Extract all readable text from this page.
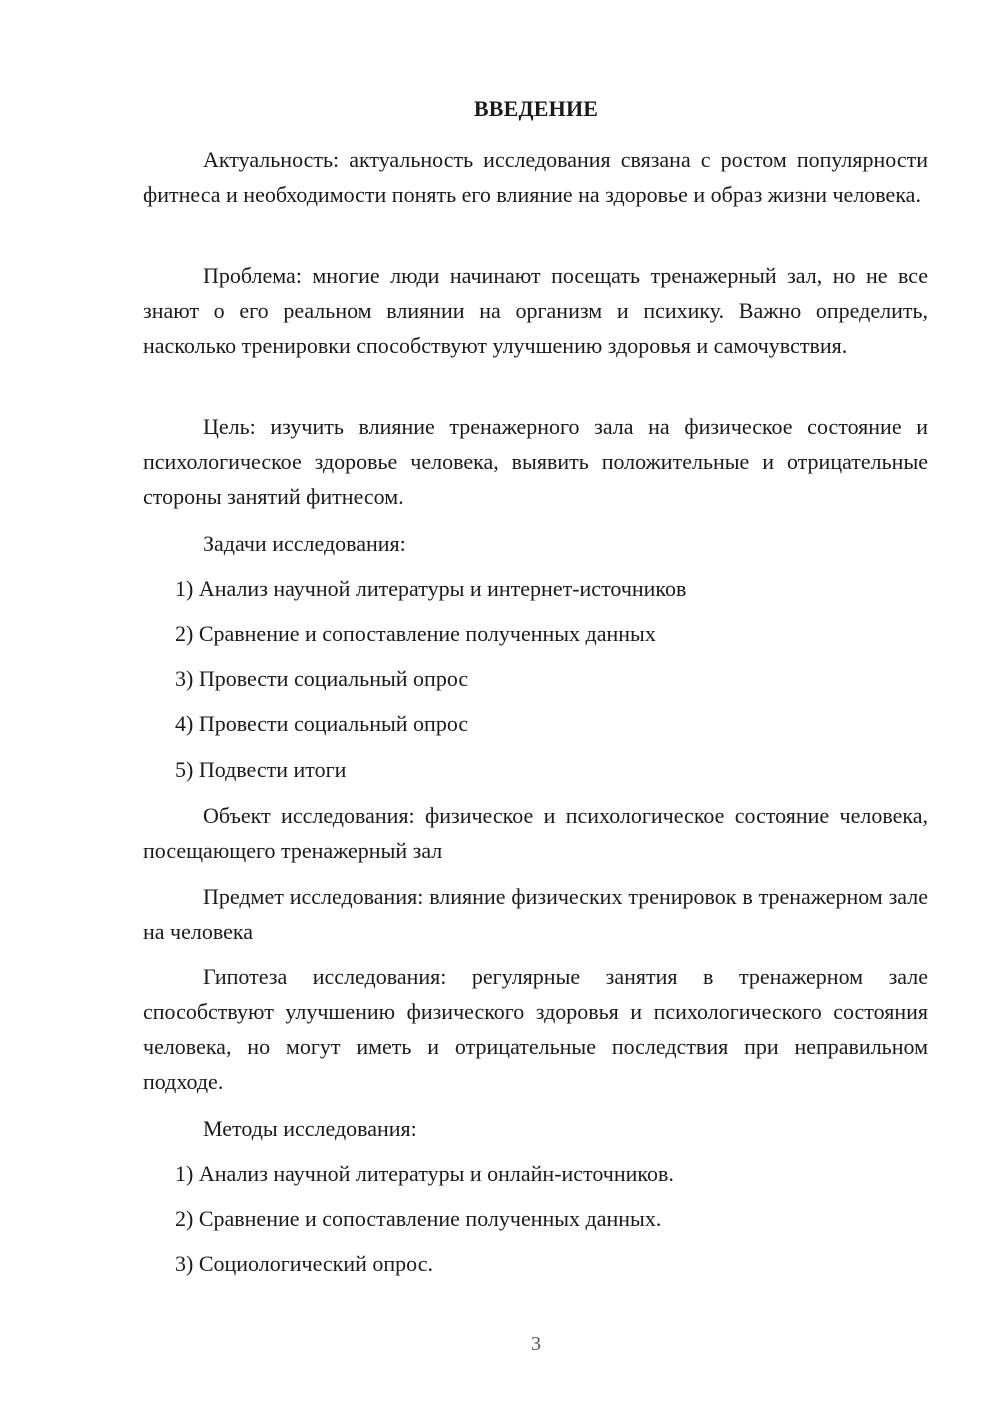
ВВЕДЕНИЕ

Актуальность: актуальность исследования связана с ростом популярности фитнеса и необходимости понять его влияние на здоровье и образ жизни человека.

Проблема: многие люди начинают посещать тренажерный зал, но не все знают о его реальном влиянии на организм и психику. Важно определить, насколько тренировки способствуют улучшению здоровья и самочувствия.

Цель: изучить влияние тренажерного зала на физическое состояние и психологическое здоровье человека, выявить положительные и отрицательные стороны занятий фитнесом.

Задачи исследования:

1) Анализ научной литературы и интернет-источников

2) Сравнение и сопоставление полученных данных

3) Провести социальный опрос

4) Провести социальный опрос

5) Подвести итоги

Объект исследования: физическое и психологическое состояние человека, посещающего тренажерный зал

Предмет исследования: влияние физических тренировок в тренажерном зале на человека

Гипотеза исследования: регулярные занятия в тренажерном зале способствуют улучшению физического здоровья и психологического состояния человека, но могут иметь и отрицательные последствия при неправильном подходе.

Методы исследования:

1) Анализ научной литературы и онлайн-источников.

2) Сравнение и сопоставление полученных данных.

3) Социологический опрос.

3
